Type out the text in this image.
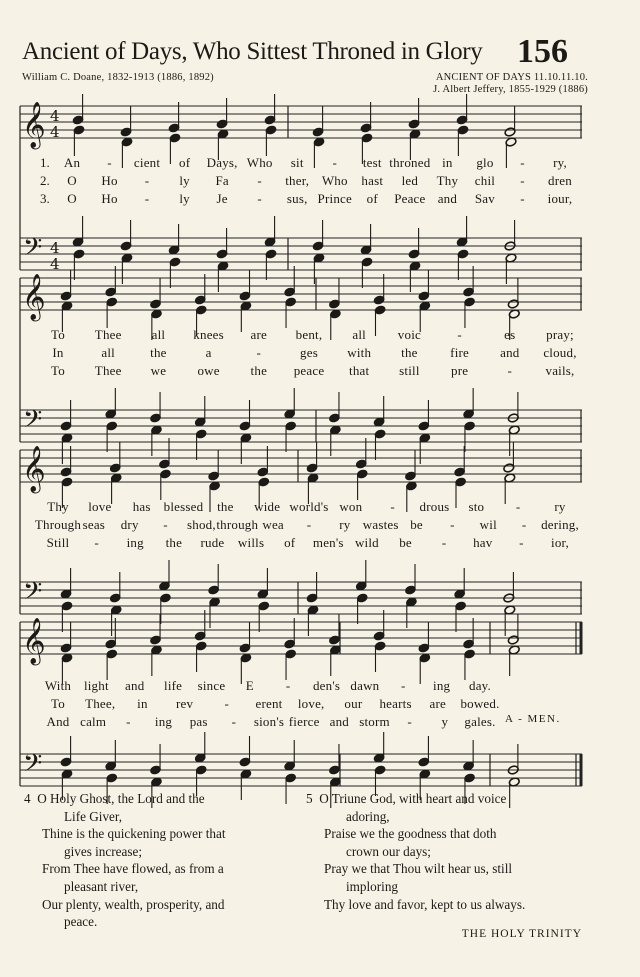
Ancient of Days, Who Sittest Throned in Glory 156
William C. Doane, 1832-1913 (1886, 1892)	ANCIENT OF DAYS 11.10.11.10.
J. Albert Jeffery, 1855-1929 (1886)
𝄞
𝄢
4
4
4
4
𝄞
𝄢
𝄞
𝄢
𝄞
𝄢
An - cient of Days, Who sit - test throned in glo - ry,
1.
O Ho - ly Fa - ther, Who hast led Thy chil - dren
2.
O Ho - ly Je - sus, Prince of Peace and Sav - iour,
3.
To Thee all knees are bent, all voic	-	es pray;
In	all	the	a	-	ges with the	fire and cloud,
To Thee we owe the peace that still pre	-	vails,
Thy love has blessed the wide world's won - drous sto -	ry
Through seas dry - shod, through wea - ry wastes be - wil - dering,
Still - ing the rude wills of men's wild be - hav - ior,
With light and life since E - den's dawn - ing day.
To Thee, in rev - erent love, our hearts are bowed.
And calm - ing pas - sion's fierce and storm - y gales. A - MEN.
4 O Holy Ghost, the Lord and the
Life Giver,
Thine is the quickening power that
gives increase;
From Thee have flowed, as from a
pleasant river,
Our plenty, wealth, prosperity, and
peace.
5 O Triune God, with heart and voice
adoring,
Praise we the goodness that doth
crown our days;
Pray we that Thou wilt hear us, still
imploring
Thy love and favor, kept to us always.
THE HOLY TRINITY
